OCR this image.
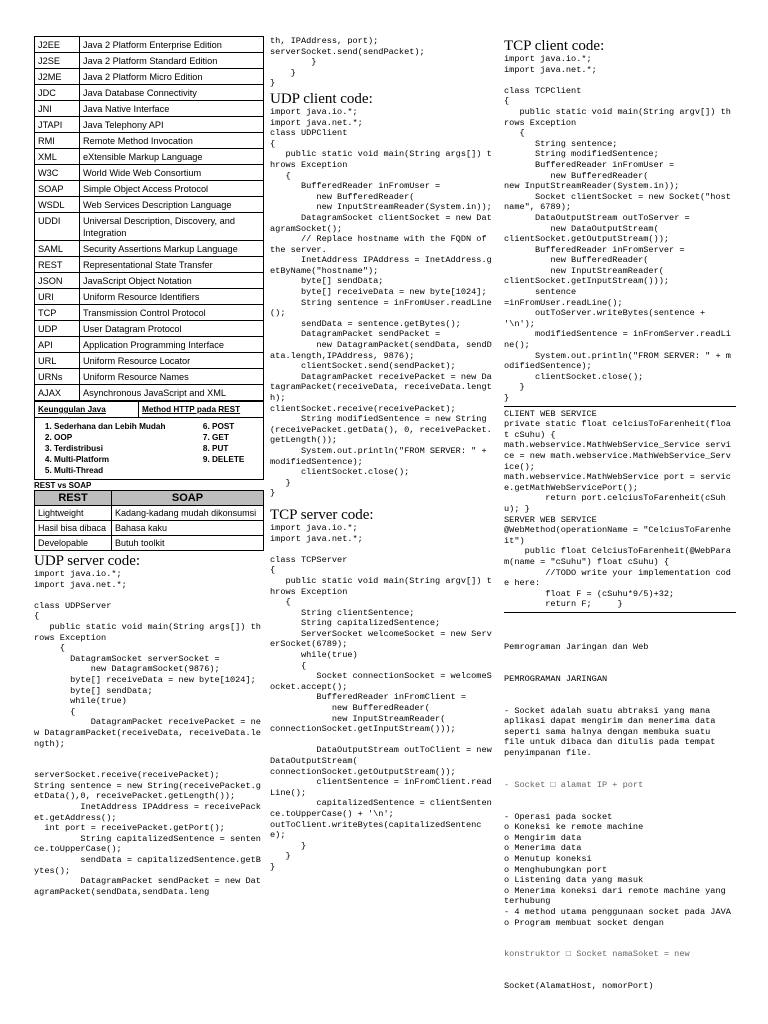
J2EE	Java 2 Platform Enterprise Edition
J2SE	Java 2 Platform Standard Edition
J2ME	Java 2 Platform Micro Edition
JDC	Java Database Connectivity
JNI	Java Native Interface
JTAPI	Java Telephony API
RMI	Remote Method Invocation
XML	eXtensible Markup Language
W3C	World Wide Web Consortium
SOAP	Simple Object Access Protocol
WSDL	Web Services Description Language
UDDI	Universal Description, Discovery, and Integration
SAML	Security Assertions Markup Language
REST	Representational State Transfer
JSON	JavaScript Object Notation
URI	Uniform Resource Identifiers
TCP	Transmission Control Protocol
UDP	User Datagram Protocol
API	Application Programming Interface
URL	Uniform Resource Locator
URNs	Uniform Resource Names
AJAX	Asynchronous JavaScript and XML
Keunggulan Java	Method HTTP pada REST

1. Sederhana dan Lebih Mudah
2. OOP
3. Terdistribusi
4. Multi-Platform
5. Multi-Thread
6. POST
7. GET
8. PUT
9. DELETE
REST vs SOAP
REST	SOAP
Lightweight	Kadang-kadang mudah dikonsumsi
Hasil bisa dibaca	Bahasa kaku
Developable	Butuh toolkit
UDP server code:
import java.io.*;
import java.net.*;

class UDPServer
{
public static void main(String args[]) throws Exception
{
DatagramSocket serverSocket =
new DatagramSocket(9876);
byte[] receiveData = new byte[1024];
byte[] sendData;
while(true)
{
DatagramPacket receivePacket = new DatagramPacket(receiveData, receiveData.length);

serverSocket.receive(receivePacket);
String sentence = new String(receivePacket.getData(),0, receivePacket.getLength());
InetAddress IPAddress = receivePacket.getAddress();
int port = receivePacket.getPort();
String capitalizedSentence = sentence.toUpperCase();
sendData = capitalizedSentence.getBytes();
DatagramPacket sendPacket = new DatagramPacket(sendData,sendData.leng
th, IPAddress, port);
serverSocket.send(sendPacket);
}
}
}
UDP client code:
import java.io.*;
import java.net.*;
class UDPClient
{
public static void main(String args[]) throws Exception
{
BufferedReader inFromUser =
new BufferedReader(
new InputStreamReader(System.in));
DatagramSocket clientSocket = new DatagramSocket();
// Replace hostname with the FQDN of the server.
InetAddress IPAddress = InetAddress.getByName("hostname");
byte[] sendData;
byte[] receiveData = new byte[1024];
String sentence = inFromUser.readLine();
sendData = sentence.getBytes();
DatagramPacket sendPacket =
new DatagramPacket(sendData, sendData.length,IPAddress, 9876);
clientSocket.send(sendPacket);
DatagramPacket receivePacket = new DatagramPacket(receiveData, receiveData.length);
clientSocket.receive(receivePacket);
String modifiedSentence = new String(receivePacket.getData(), 0, receivePacket.getLength());
System.out.println("FROM SERVER: " + modifiedSentence);
clientSocket.close();
}
}
TCP server code:
import java.io.*;
import java.net.*;

class TCPServer
{
public static void main(String argv[]) throws Exception
{
String clientSentence;
String capitalizedSentence;
ServerSocket welcomeSocket = new ServerSocket(6789);
while(true)
{
Socket connectionSocket = welcomeSocket.accept();
BufferedReader inFromClient =
new BufferedReader(
new InputStreamReader(
connectionSocket.getInputStream()));

DataOutputStream outToClient = new DataOutputStream(
connectionSocket.getOutputStream());
clientSentence = inFromClient.readLine();
capitalizedSentence = clientSentence.toUpperCase() + '\n';
outToClient.writeBytes(capitalizedSentence);
}
}
}
TCP client code:
import java.io.*;
import java.net.*;

class TCPClient
{
public static void main(String argv[]) throws Exception
{
String sentence;
String modifiedSentence;
BufferedReader inFromUser =
new BufferedReader(
new InputStreamReader(System.in));
Socket clientSocket = new Socket("hostname", 6789);
DataOutputStream outToServer =
new DataOutputStream(
clientSocket.getOutputStream());
BufferedReader inFromServer =
new BufferedReader(
new InputStreamReader(
clientSocket.getInputStream()));
sentence
=inFromUser.readLine();
outToServer.writeBytes(sentence + '\n');
modifiedSentence = inFromServer.readLine();
System.out.println("FROM SERVER: " + modifiedSentence);
clientSocket.close();
}
}
CLIENT WEB SERVICE
private static float celciusToFarenheit(float cSuhu) {
math.webservice.MathWebService_Service service = new math.webservice.MathWebService_Service();
math.webservice.MathWebService port = service.getMathWebServicePort();
return port.celciusToFarenheit(cSuhu); }
SERVER WEB SERVICE
@WebMethod(operationName = "CelciusToFarenheit")
public float CelciusToFarenheit(@WebParam(name = "cSuhu") float cSuhu) {
//TODO write your implementation code here:
float F = (cSuhu*9/5)+32;
return F;     }

Pemrograman Jaringan dan Web

PEMROGRAMAN JARINGAN

- Socket adalah suatu abtraksi yang mana aplikasi dapat mengirim dan menerima data seperti sama halnya dengan membuka suatu
file untuk dibaca dan ditulis pada tempat penyimpanan file.

- Socket □ alamat IP + port

- Operasi pada socket
o Koneksi ke remote machine
o Mengirim data
o Menerima data
o Menutup koneksi
o Menghubungkan port
o Listening data yang masuk
o Menerima koneksi dari remote machine yang terhubung
- 4 method utama penggunaan socket pada JAVA
o Program membuat socket dengan

konstruktor □ Socket namaSoket = new

Socket(AlamatHost, nomorPort)
